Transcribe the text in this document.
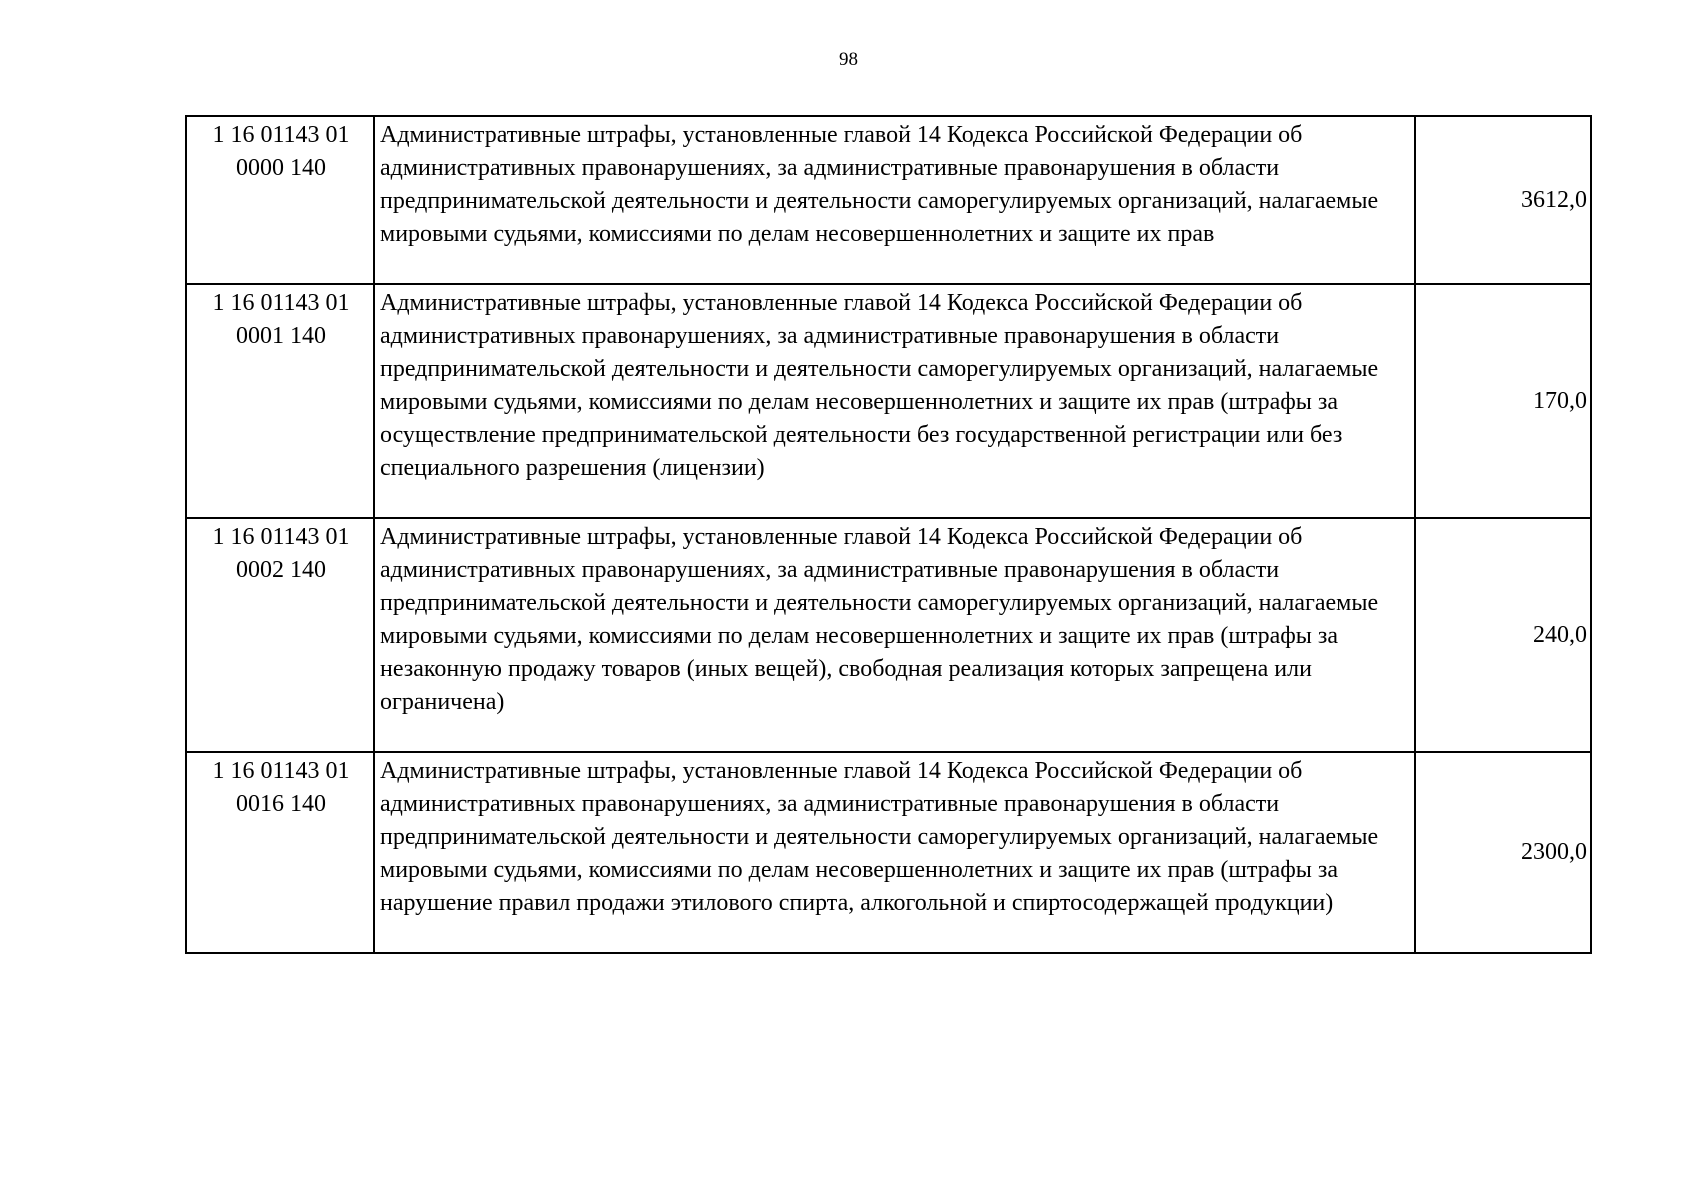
98
1 16 01143 01
0000 140	Административные штрафы, установленные главой 14 Кодекса Российской Федерации об административных правонарушениях, за административные правонарушения в области предпринимательской деятельности и деятельности саморегулируемых организаций, налагаемые мировыми судьями, комиссиями по делам несовершеннолетних и защите их прав	3612,0

1 16 01143 01
0001 140	Административные штрафы, установленные главой 14 Кодекса Российской Федерации об административных правонарушениях, за административные правонарушения в области предпринимательской деятельности и деятельности саморегулируемых организаций, налагаемые мировыми судьями, комиссиями по делам несовершеннолетних и защите их прав (штрафы за осуществление предпринимательской деятельности без государственной регистрации или без специального разрешения (лицензии)	170,0

1 16 01143 01
0002 140	Административные штрафы, установленные главой 14 Кодекса Российской Федерации об административных правонарушениях, за административные правонарушения в области предпринимательской деятельности и деятельности саморегулируемых организаций, налагаемые мировыми судьями, комиссиями по делам несовершеннолетних и защите их прав (штрафы за незаконную продажу товаров (иных вещей), свободная реализация которых запрещена или ограничена)	240,0

1 16 01143 01
0016 140	Административные штрафы, установленные главой 14 Кодекса Российской Федерации об административных правонарушениях, за административные правонарушения в области предпринимательской деятельности и деятельности саморегулируемых организаций, налагаемые мировыми судьями, комиссиями по делам несовершеннолетних и защите их прав (штрафы за нарушение правил продажи этилового спирта, алкогольной и спиртосодержащей продукции)	2300,0
